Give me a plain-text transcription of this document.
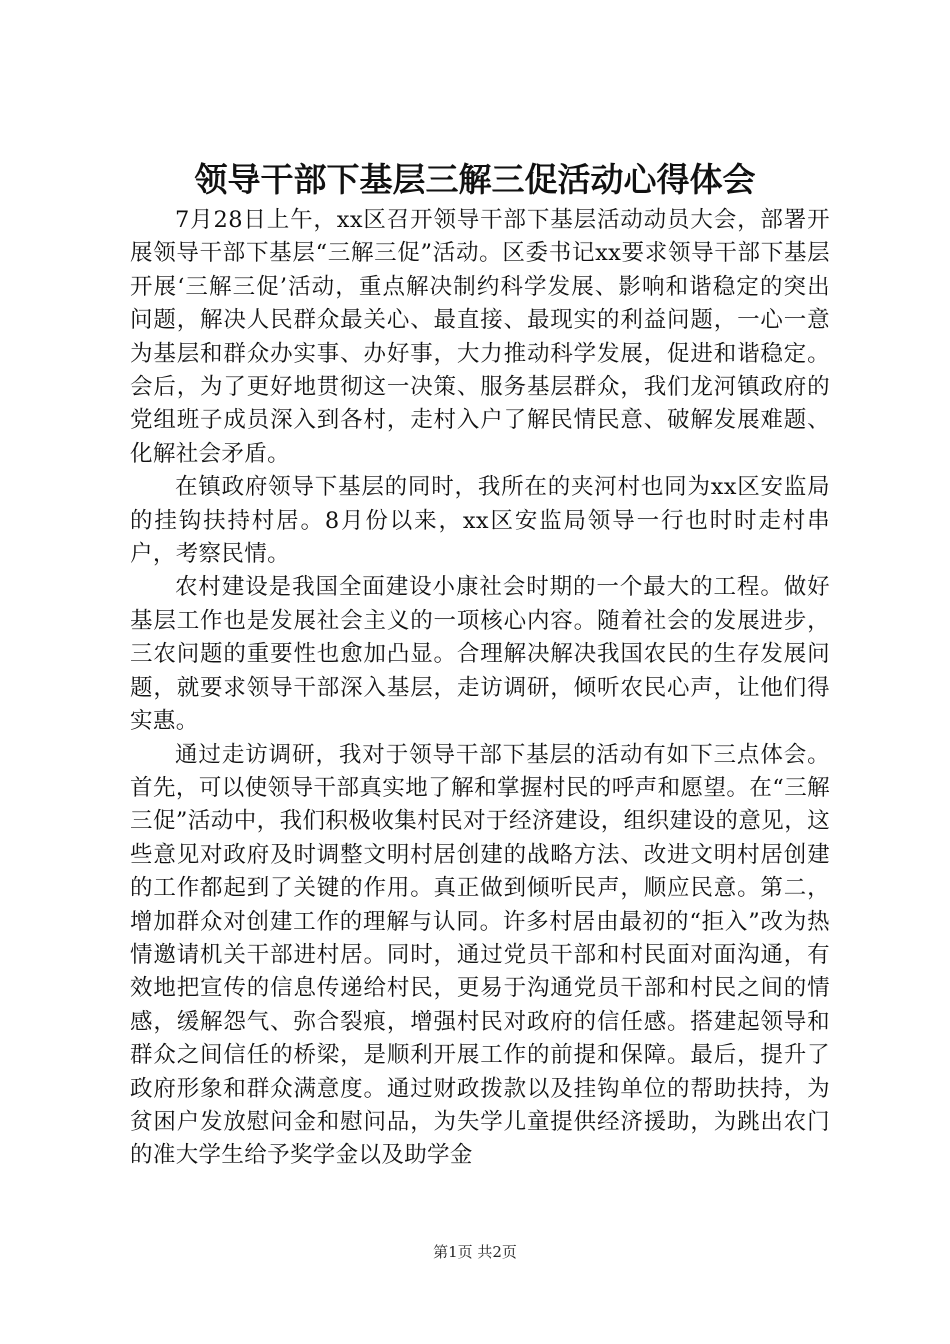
领导干部下基层三解三促活动心得体会

7月28日上午，xx区召开领导干部下基层活动动员大会，部署开展领导干部下基层“三解三促”活动。区委书记xx要求领导干部下基层开展‘三解三促’活动，重点解决制约科学发展、影响和谐稳定的突出问题，解决人民群众最关心、最直接、最现实的利益问题，一心一意为基层和群众办实事、办好事，大力推动科学发展，促进和谐稳定。会后，为了更好地贯彻这一决策、服务基层群众，我们龙河镇政府的党组班子成员深入到各村，走村入户了解民情民意、破解发展难题、化解社会矛盾。

在镇政府领导下基层的同时，我所在的夹河村也同为xx区安监局的挂钩扶持村居。8月份以来，xx区安监局领导一行也时时走村串户，考察民情。

农村建设是我国全面建设小康社会时期的一个最大的工程。做好基层工作也是发展社会主义的一项核心内容。随着社会的发展进步，三农问题的重要性也愈加凸显。合理解决解决我国农民的生存发展问题，就要求领导干部深入基层，走访调研，倾听农民心声，让他们得实惠。

通过走访调研，我对于领导干部下基层的活动有如下三点体会。首先，可以使领导干部真实地了解和掌握村民的呼声和愿望。在“三解三促”活动中，我们积极收集村民对于经济建设，组织建设的意见，这些意见对政府及时调整文明村居创建的战略方法、改进文明村居创建的工作都起到了关键的作用。真正做到倾听民声，顺应民意。第二，增加群众对创建工作的理解与认同。许多村居由最初的“拒入”改为热情邀请机关干部进村居。同时，通过党员干部和村民面对面沟通，有效地把宣传的信息传递给村民，更易于沟通党员干部和村民之间的情感，缓解怨气、弥合裂痕，增强村民对政府的信任感。搭建起领导和群众之间信任的桥梁，是顺利开展工作的前提和保障。最后，提升了政府形象和群众满意度。通过财政拨款以及挂钩单位的帮助扶持，为贫困户发放慰问金和慰问品，为失学儿童提供经济援助，为跳出农门的准大学生给予奖学金以及助学金

第1页 共2页
